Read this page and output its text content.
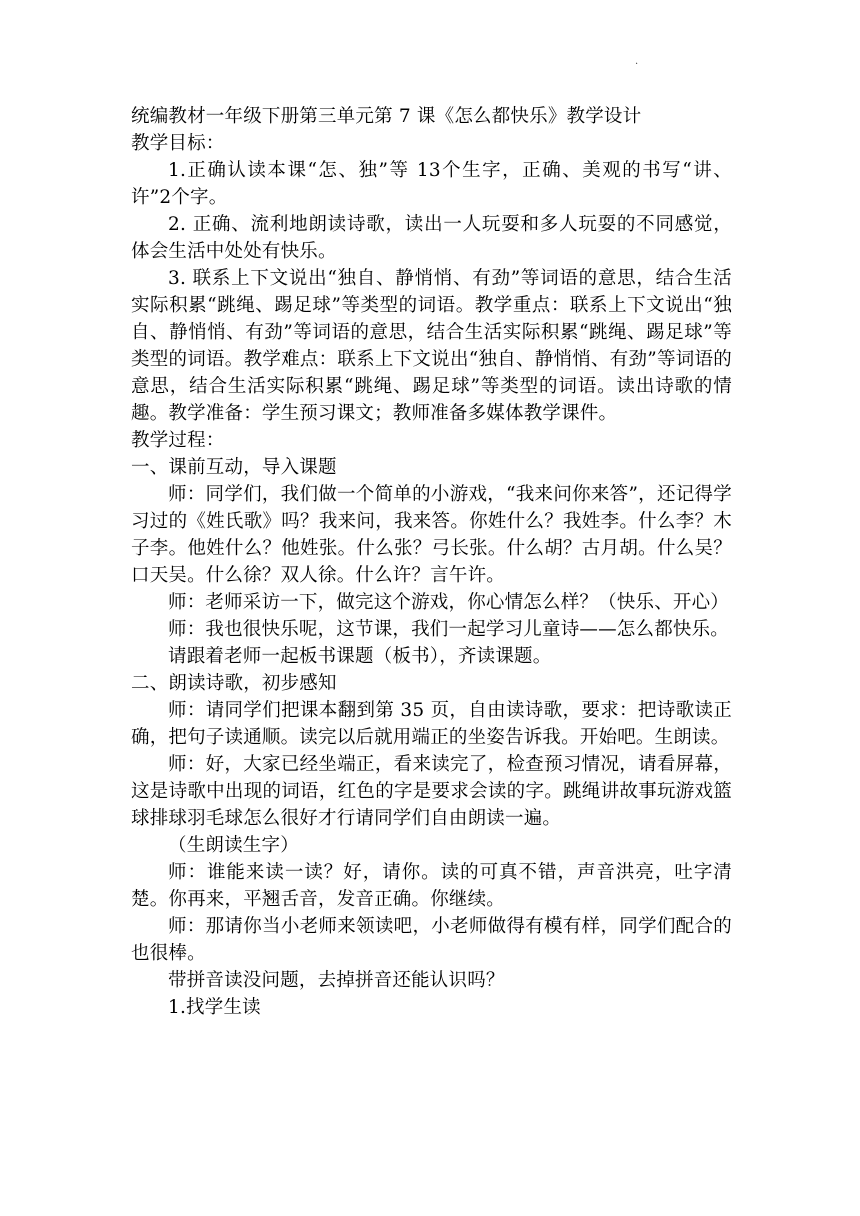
.

统编教材一年级下册第三单元第 7 课《怎么都快乐》教学设计

教学目标：

1.正确认读本课“怎、独”等 13个生字，正确、美观的书写“讲、许”2个字。

2. 正确、流利地朗读诗歌，读出一人玩耍和多人玩耍的不同感觉，体会生活中处处有快乐。

3. 联系上下文说出“独自、静悄悄、有劲”等词语的意思，结合生活实际积累“跳绳、踢足球”等类型的词语。教学重点：联系上下文说出“独自、静悄悄、有劲”等词语的意思，结合生活实际积累“跳绳、踢足球”等类型的词语。教学难点：联系上下文说出“独自、静悄悄、有劲”等词语的意思，结合生活实际积累“跳绳、踢足球”等类型的词语。读出诗歌的情趣。教学准备：学生预习课文；教师准备多媒体教学课件。

教学过程：

一、课前互动，导入课题

师：同学们，我们做一个简单的小游戏，“我来问你来答”，还记得学习过的《姓氏歌》吗？我来问，我来答。你姓什么？我姓李。什么李？木子李。他姓什么？他姓张。什么张？弓长张。什么胡？古月胡。什么吴？口天吴。什么徐？双人徐。什么许？言午许。

师：老师采访一下，做完这个游戏，你心情怎么样？（快乐、开心）

师：我也很快乐呢，这节课，我们一起学习儿童诗——怎么都快乐。

请跟着老师一起板书课题（板书），齐读课题。

二、朗读诗歌，初步感知

师：请同学们把课本翻到第 35 页，自由读诗歌，要求：把诗歌读正确，把句子读通顺。读完以后就用端正的坐姿告诉我。开始吧。生朗读。

师：好，大家已经坐端正，看来读完了，检查预习情况，请看屏幕，这是诗歌中出现的词语，红色的字是要求会读的字。跳绳讲故事玩游戏篮球排球羽毛球怎么很好才行请同学们自由朗读一遍。

（生朗读生字）

师：谁能来读一读？好，请你。读的可真不错，声音洪亮，吐字清楚。你再来，平翘舌音，发音正确。你继续。

师：那请你当小老师来领读吧，小老师做得有模有样，同学们配合的也很棒。

带拼音读没问题，去掉拼音还能认识吗？

1.找学生读
